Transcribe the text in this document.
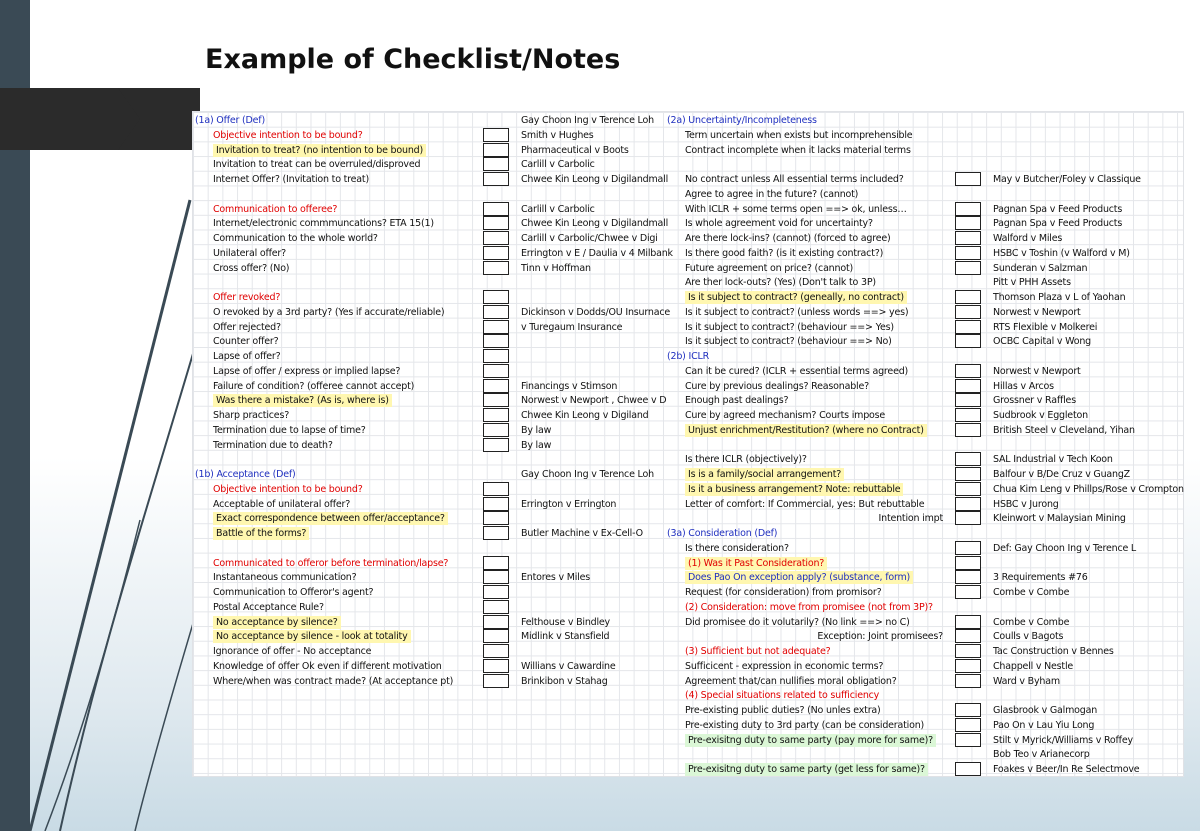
Example of Checklist/Notes
(1a) Offer (Def)	Gay Choon Ing v Terence Loh
Objective intention to be bound?	Smith v Hughes
Invitation to treat? (no intention to be bound)	Pharmaceutical v Boots
Invitation to treat can be overruled/disproved	Carlill v Carbolic
Internet Offer? (Invitation to treat)	Chwee Kin Leong v Digilandmall
Communication to offeree?	Carlill v Carbolic
Internet/electronic commmuncations? ETA 15(1)	Chwee Kin Leong v Digilandmall
Communication to the whole world?	Carlill v Carbolic/Chwee v Digi
Unilateral offer?	Errington v E / Daulia v 4 Milbank
Cross offer? (No)	Tinn v Hoffman
Offer revoked?
O revoked by a 3rd party? (Yes if accurate/reliable)	Dickinson v Dodds/OU Insurnace
Offer rejected?	v Turegaum Insurance
Counter offer?
Lapse of offer?
Lapse of offer / express or implied lapse?
Failure of condition? (offeree cannot accept)	Financings v Stimson
Was there a mistake? (As is, where is)	Norwest v Newport , Chwee v D
Sharp practices?	Chwee Kin Leong v Digiland
Termination due to lapse of time?	By law
Termination due to death?	By law
(1b) Acceptance (Def)	Gay Choon Ing v Terence Loh
Objective intention to be bound?
Acceptable of unilateral offer?	Errington v Errington
Exact correspondence between offer/acceptance?
Battle of the forms?	Butler Machine v Ex-Cell-O
Communicated to offeror before termination/lapse?
Instantaneous communication?	Entores v Miles
Communication to Offeror's agent?
Postal Acceptance Rule?
No acceptance by silence?	Felthouse v Bindley
No acceptance by silence - look at totality	Midlink v Stansfield
Ignorance of offer - No acceptance
Knowledge of offer Ok even if different motivation	Willians v Cawardine
Where/when was contract made? (At acceptance pt)	Brinkibon v Stahag
(2a) Uncertainty/Incompleteness
Term uncertain when exists but incomprehensible
Contract incomplete when it lacks material terms
No contract unless All essential terms included?	May v Butcher/Foley v Classique
Agree to agree in the future? (cannot)
With ICLR + some terms open ==> ok, unless…	Pagnan Spa v Feed Products
Is whole agreement void for uncertainty?	Pagnan Spa v Feed Products
Are there lock-ins? (cannot) (forced to agree)	Walford v Miles
Is there good faith? (is it existing contract?)	HSBC v Toshin (v Walford v M)
Future agreement on price? (cannot)	Sunderan v Salzman
Are ther lock-outs? (Yes) (Don't talk to 3P)	Pitt v PHH Assets
Is it subject to contract? (geneally, no contract)	Thomson Plaza v L of Yaohan
Is it subject to contract? (unless words ==> yes)	Norwest v Newport
Is it subject to contract? (behaviour ==> Yes)	RTS Flexible v Molkerei
Is it subject to contract? (behaviour ==> No)	OCBC Capital v Wong
(2b) ICLR
Can it be cured? (ICLR + essential terms agreed)	Norwest v Newport
Cure by previous dealings? Reasonable?	Hillas v Arcos
Enough past dealings?	Grossner v Raffles
Cure by agreed mechanism? Courts impose	Sudbrook v Eggleton
Unjust enrichment/Restitution? (where no Contract)	British Steel v Cleveland, Yihan
Is there ICLR (objectively)?	SAL Industrial v Tech Koon
Is is a family/social arrangement?	Balfour v B/De Cruz v GuangZ
Is it a business arrangement? Note: rebuttable	Chua Kim Leng v Phillps/Rose v Crompton
Letter of comfort: If Commercial, yes: But rebuttable	HSBC v Jurong
Intention impt	Kleinwort v Malaysian Mining
(3a) Consideration (Def)
Is there consideration?	Def: Gay Choon Ing v Terence L
(1) Was it Past Consideration?
Does Pao On exception apply? (substance, form)	3 Requirements #76
Request (for consideration) from promisor?	Combe v Combe
(2) Consideration: move from promisee (not from 3P)?
Did promisee do it volutarily? (No link ==> no C)	Combe v Combe
Exception: Joint promisees?	Coulls v Bagots
(3) Sufficient but not adequate?	Tac Construction v Bennes
Sufficicent - expression in economic terms?	Chappell v Nestle
Agreement that/can nullifies moral obligation?	Ward v Byham
(4) Special situations related to sufficiency
Pre-existing public duties? (No unles extra)	Glasbrook v Galmogan
Pre-existing duty to 3rd party (can be consideration)	Pao On v Lau Yiu Long
Pre-exisitng duty to same party (pay more for same)?	Stilt v Myrick/Williams v Roffey
Bob Teo v Arianecorp
Pre-exisitng duty to same party (get less for same)?	Foakes v Beer/In Re Selectmove
